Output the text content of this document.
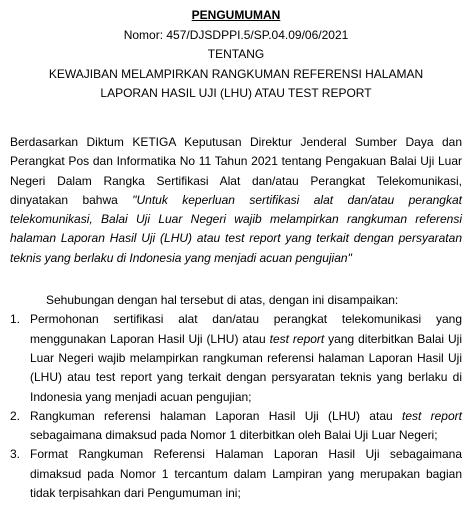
PENGUMUMAN
Nomor: 457/DJSDPPI.5/SP.04.09/06/2021
TENTANG
KEWAJIBAN MELAMPIRKAN RANGKUMAN REFERENSI HALAMAN
LAPORAN HASIL UJI (LHU) ATAU TEST REPORT

Berdasarkan Diktum KETIGA Keputusan Direktur Jenderal Sumber Daya dan Perangkat Pos dan Informatika No 11 Tahun 2021 tentang Pengakuan Balai Uji Luar Negeri Dalam Rangka Sertifikasi Alat dan/atau Perangkat Telekomunikasi, dinyatakan bahwa "Untuk keperluan sertifikasi alat dan/atau perangkat telekomunikasi, Balai Uji Luar Negeri wajib melampirkan rangkuman referensi halaman Laporan Hasil Uji (LHU) atau test report yang terkait dengan persyaratan teknis yang berlaku di Indonesia yang menjadi acuan pengujian"

Sehubungan dengan hal tersebut di atas, dengan ini disampaikan:

1. Permohonan sertifikasi alat dan/atau perangkat telekomunikasi yang menggunakan Laporan Hasil Uji (LHU) atau test report yang diterbitkan Balai Uji Luar Negeri wajib melampirkan rangkuman referensi halaman Laporan Hasil Uji (LHU) atau test report yang terkait dengan persyaratan teknis yang berlaku di Indonesia yang menjadi acuan pengujian;
2. Rangkuman referensi halaman Laporan Hasil Uji (LHU) atau test report sebagaimana dimaksud pada Nomor 1 diterbitkan oleh Balai Uji Luar Negeri;
3. Format Rangkuman Referensi Halaman Laporan Hasil Uji sebagaimana dimaksud pada Nomor 1 tercantum dalam Lampiran yang merupakan bagian tidak terpisahkan dari Pengumuman ini;
